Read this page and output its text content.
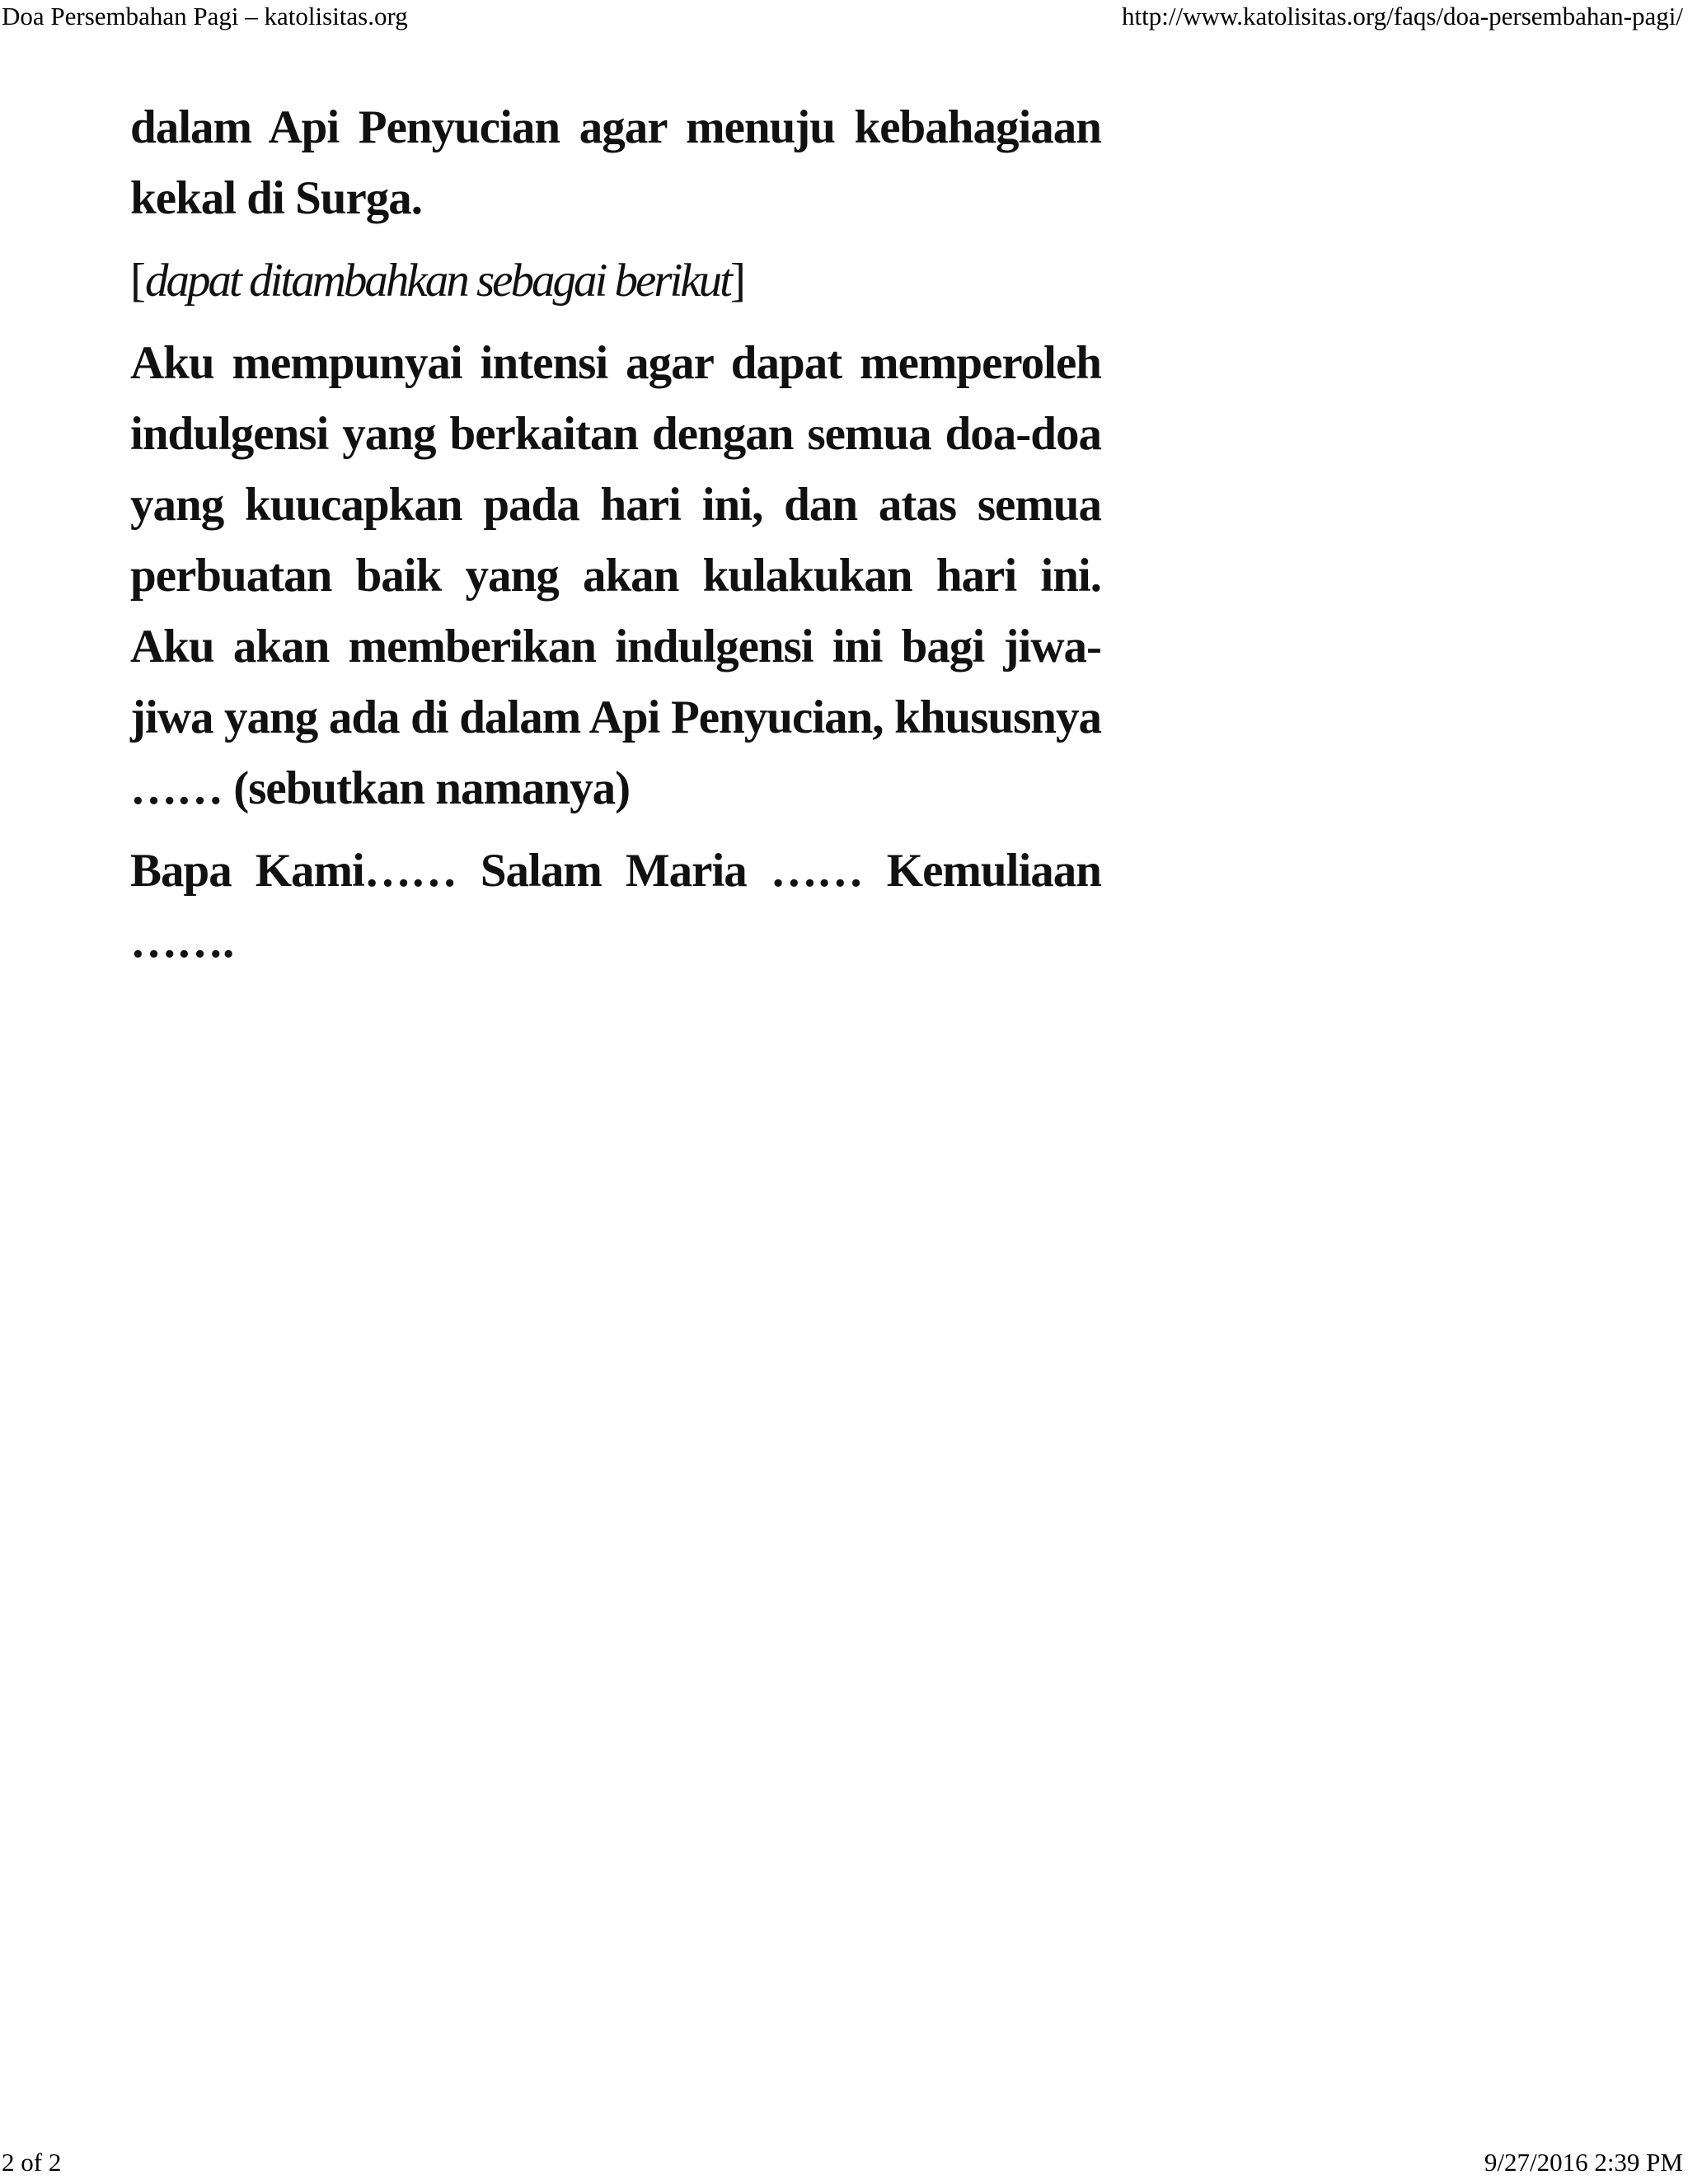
Doa Persembahan Pagi – katolisitas.org	http://www.katolisitas.org/faqs/doa-persembahan-pagi/

dalam Api Penyucian agar menuju kebahagiaan kekal di Surga.

[dapat ditambahkan sebagai berikut]

Aku mempunyai intensi agar dapat memperoleh indulgensi yang berkaitan dengan semua doa-doa yang kuucapkan pada hari ini, dan atas semua perbuatan baik yang akan kulakukan hari ini. Aku akan memberikan indulgensi ini bagi jiwa-jiwa yang ada di dalam Api Penyucian, khususnya …… (sebutkan namanya)

Bapa Kami…… Salam Maria …… Kemuliaan …….

2 of 2	9/27/2016 2:39 PM
